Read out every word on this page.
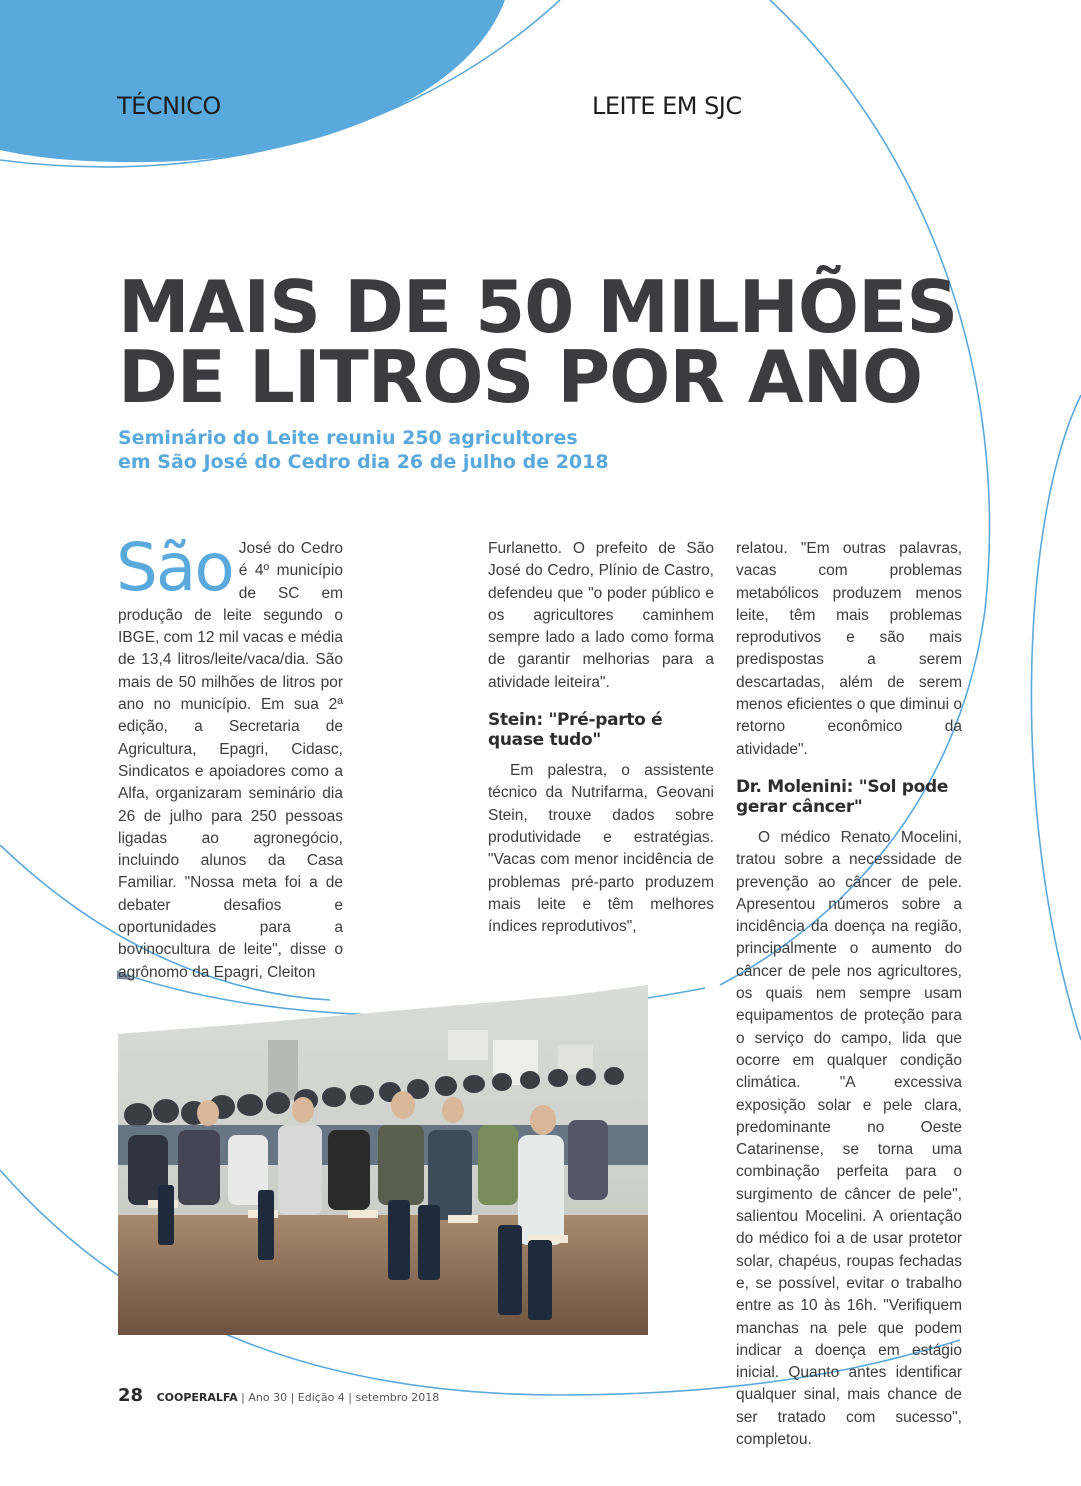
TÉCNICO	LEITE EM SJC
MAIS DE 50 MILHÕES
DE LITROS POR ANO
Seminário do Leite reuniu 250 agricultores
em São José do Cedro dia 26 de julho de 2018
São José do Cedro é 4º município de SC em produção de leite segundo o IBGE, com 12 mil vacas e média de 13,4 litros/leite/vaca/dia. São mais de 50 milhões de litros por ano no município. Em sua 2ª edição, a Secretaria de Agricultura, Epagri, Cidasc, Sindicatos e apoiadores como a Alfa, organizaram seminário dia 26 de julho para 250 pessoas ligadas ao agronegócio, incluindo alunos da Casa Familiar. "Nossa meta foi a de debater desafios e oportunidades para a bovinocultura de leite", disse o agrônomo da Epagri, Cleiton

Furlanetto. O prefeito de São José do Cedro, Plínio de Castro, defendeu que "o poder público e os agricultores caminhem sempre lado a lado como forma de garantir melhorias para a atividade leiteira".

Stein: "Pré-parto é quase tudo"

Em palestra, o assistente técnico da Nutrifarma, Geovani Stein, trouxe dados sobre produtividade e estratégias. "Vacas com menor incidência de problemas pré-parto produzem mais leite e têm melhores índices reprodutivos",

relatou. "Em outras palavras, vacas com problemas metabólicos produzem menos leite, têm mais problemas reprodutivos e são mais predispostas a serem descartadas, além de serem menos eficientes o que diminui o retorno econômico da atividade".

Dr. Molenini: "Sol pode gerar câncer"

O médico Renato Mocelini, tratou sobre a necessidade de prevenção ao câncer de pele. Apresentou números sobre a incidência da doença na região, principalmente o aumento do câncer de pele nos agricultores, os quais nem sempre usam equipamentos de proteção para o serviço do campo, lida que ocorre em qualquer condição climática. "A excessiva exposição solar e pele clara, predominante no Oeste Catarinense, se torna uma combinação perfeita para o surgimento de câncer de pele", salientou Mocelini. A orientação do médico foi a de usar protetor solar, chapéus, roupas fechadas e, se possível, evitar o trabalho entre as 10 às 16h. "Verifiquem manchas na pele que podem indicar a doença em estágio inicial. Quanto antes identificar qualquer sinal, mais chance de ser tratado com sucesso", completou.

28 COOPERALFA | Ano 30 | Edição 4 | setembro 2018
